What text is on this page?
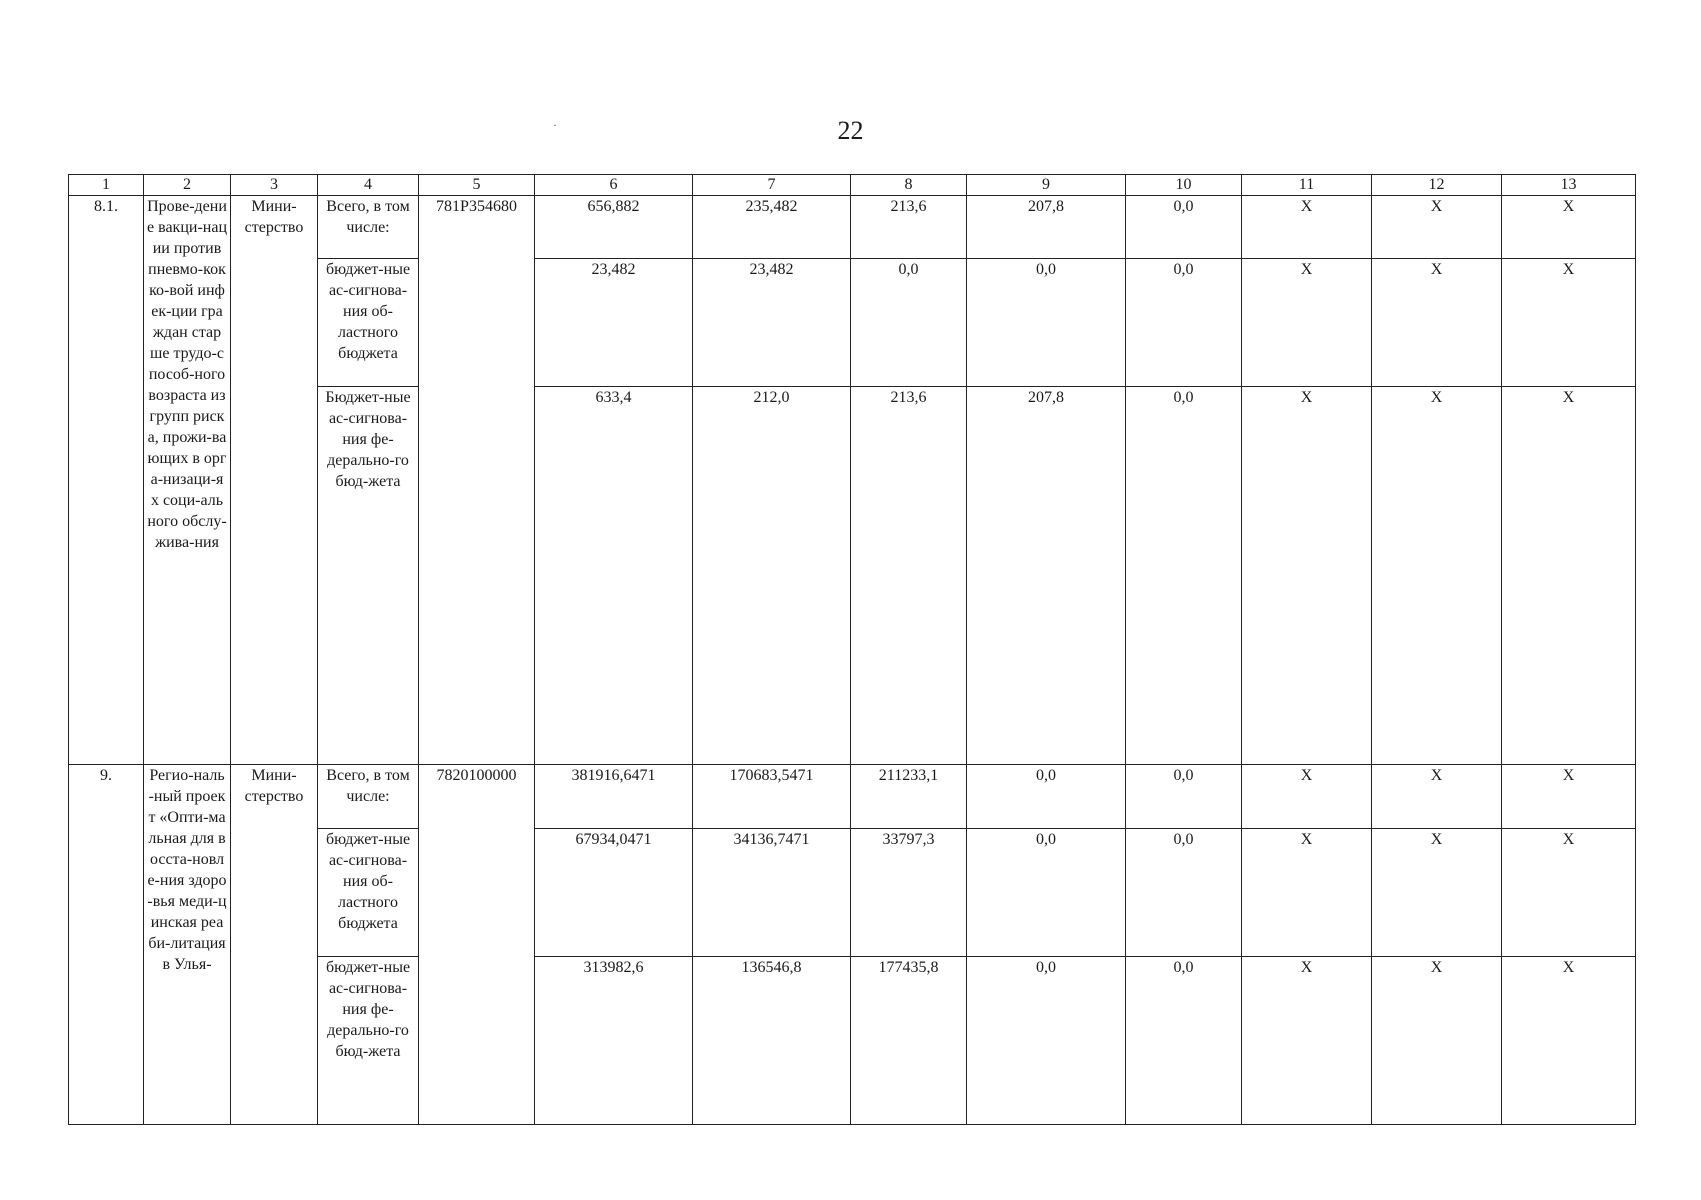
22
·
1	2	3	4	5	6	7	8	9	10	11	12	13
8.1.	Прове-дение вакци-нации против пневмо-кокко-вой инфек-ции граждан старше трудо-способ-ного возраста из групп риска, прожи-вающих в орга-низаци-ях соци-ального обслу-жива-ния	Мини-стерство	Всего, в том числе:	781P354680	656,882	235,482	213,6	207,8	0,0	X	X	X
			бюджет-ные ас-сигнова-ния об-ластного бюджета		23,482	23,482	0,0	0,0	0,0	X	X	X
			Бюджет-ные ас-сигнова-ния фе-дерально-го бюд-жета		633,4	212,0	213,6	207,8	0,0	X	X	X
9.	Регио-наль-ный проект «Опти-мальная для восста-новле-ния здоро-вья меди-цинская реаби-литация в Улья-	Мини-стерство	Всего, в том числе:	7820100000	381916,6471	170683,5471	211233,1	0,0	0,0	X	X	X
			бюджет-ные ас-сигнова-ния об-ластного бюджета		67934,0471	34136,7471	33797,3	0,0	0,0	X	X	X
			бюджет-ные ас-сигнова-ния фе-дерально-го бюд-жета		313982,6	136546,8	177435,8	0,0	0,0	X	X	X
